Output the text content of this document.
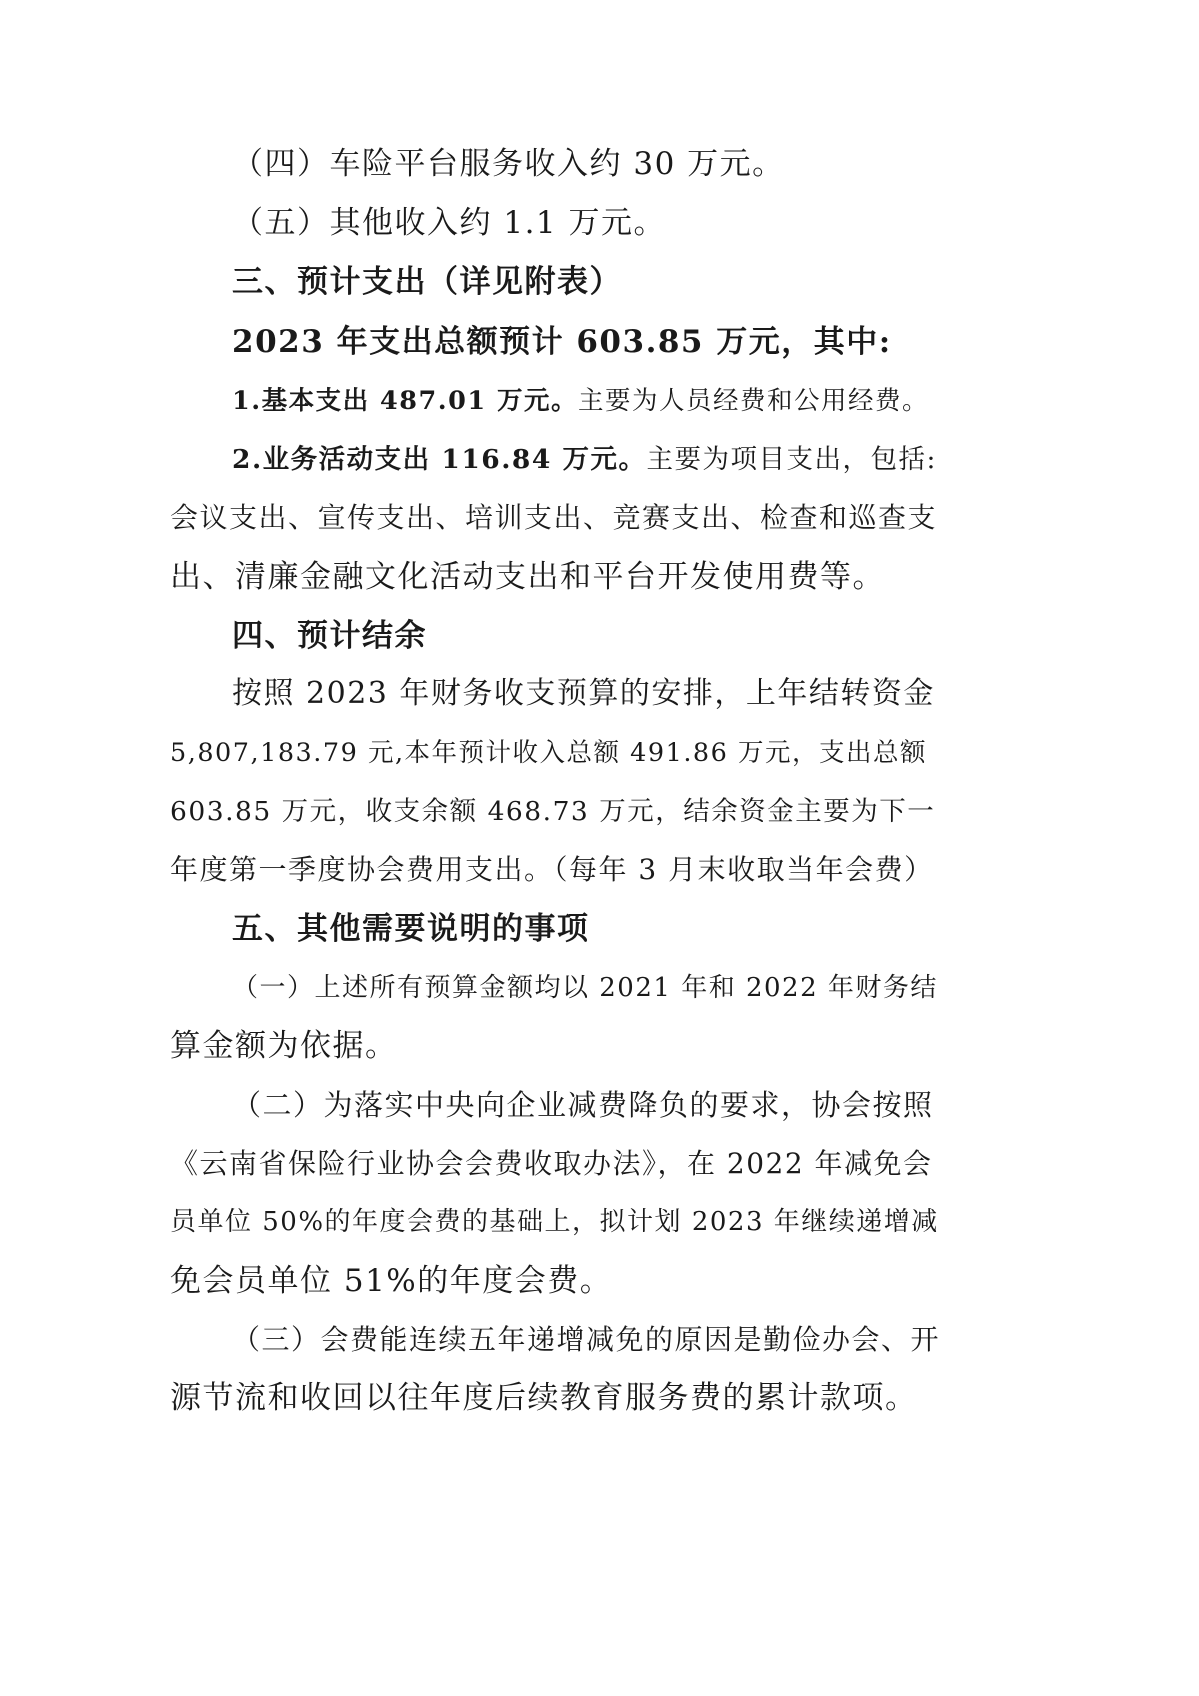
（四）车险平台服务收入约 30 万元。
（五）其他收入约 1.1 万元。
三、预计支出（详见附表）
2023 年支出总额预计 603.85 万元，其中:
1.基本支出 487.01 万元。主要为人员经费和公用经费。
2.业务活动支出 116.84 万元。主要为项目支出，包括:
会议支出、宣传支出、培训支出、竞赛支出、检查和巡查支
出、清廉金融文化活动支出和平台开发使用费等。
四、预计结余
按照 2023 年财务收支预算的安排，上年结转资金
5,807,183.79 元,本年预计收入总额 491.86 万元，支出总额
603.85 万元，收支余额 468.73 万元，结余资金主要为下一
年度第一季度协会费用支出。（每年 3 月末收取当年会费）
五、其他需要说明的事项
（一）上述所有预算金额均以 2021 年和 2022 年财务结
算金额为依据。
（二）为落实中央向企业减费降负的要求，协会按照
《云南省保险行业协会会费收取办法》，在 2022 年减免会
员单位 50%的年度会费的基础上，拟计划 2023 年继续递增减
免会员单位 51%的年度会费。
（三）会费能连续五年递增减免的原因是勤俭办会、开
源节流和收回以往年度后续教育服务费的累计款项。
